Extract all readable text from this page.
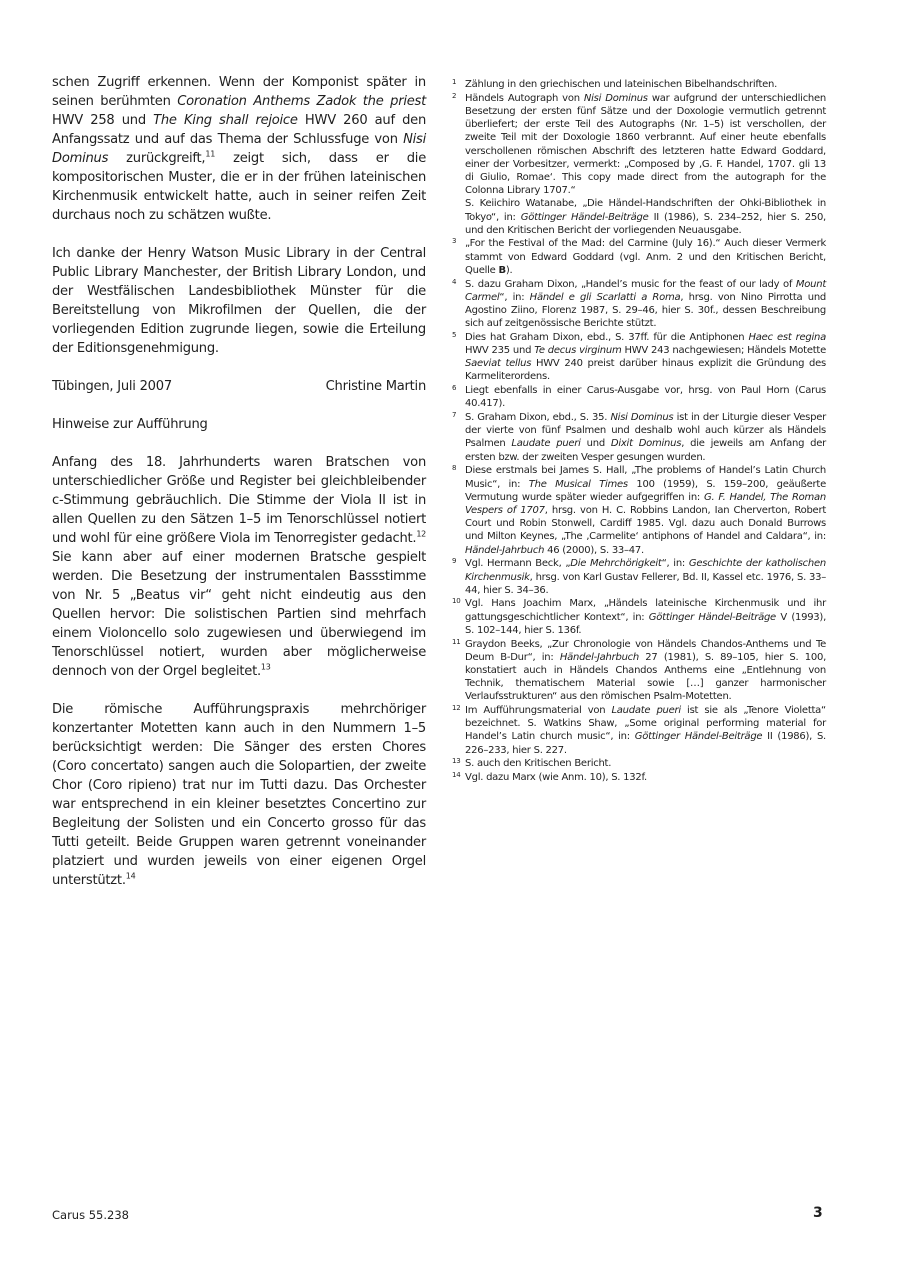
schen Zugriff erkennen. Wenn der Komponist später in seinen berühmten Coronation Anthems Zadok the priest HWV 258 und The King shall rejoice HWV 260 auf den Anfangssatz und auf das Thema der Schlussfuge von Nisi Dominus zurückgreift,$^{11}$ zeigt sich, dass er die kompositorischen Muster, die er in der frühen lateinischen Kirchenmusik entwickelt hatte, auch in seiner reifen Zeit durchaus noch zu schätzen wußte.

Ich danke der Henry Watson Music Library in der Central Public Library Manchester, der British Library London, und der Westfälischen Landesbibliothek Münster für die Bereitstellung von Mikrofilmen der Quellen, die der vorliegenden Edition zugrunde liegen, sowie die Erteilung der Editionsgenehmigung.

Tübingen, Juli 2007	Christine Martin
Hinweise zur Aufführung

Anfang des 18. Jahrhunderts waren Bratschen von unterschiedlicher Größe und Register bei gleichbleibender c-Stimmung gebräuchlich. Die Stimme der Viola II ist in allen Quellen zu den Sätzen 1–5 im Tenorschlüssel notiert und wohl für eine größere Viola im Tenorregister gedacht.$^{12}$ Sie kann aber auf einer modernen Bratsche gespielt werden. Die Besetzung der instrumentalen Bassstimme von Nr. 5 „Beatus vir“ geht nicht eindeutig aus den Quellen hervor: Die solistischen Partien sind mehrfach einem Violoncello solo zugewiesen und überwiegend im Tenorschlüssel notiert, wurden aber möglicherweise dennoch von der Orgel begleitet.$^{13}$

Die römische Aufführungspraxis mehrchöriger konzertanter Motetten kann auch in den Nummern 1–5 berücksichtigt werden: Die Sänger des ersten Chores (Coro concertato) sangen auch die Solopartien, der zweite Chor (Coro ripieno) trat nur im Tutti dazu. Das Orchester war entsprechend in ein kleiner besetztes Concertino zur Begleitung der Solisten und ein Concerto grosso für das Tutti geteilt. Beide Gruppen waren getrennt voneinander platziert und wurden jeweils von einer eigenen Orgel unterstützt.$^{14}$

1 Zählung in den griechischen und lateinischen Bibelhandschriften.
2 Händels Autograph von Nisi Dominus war aufgrund der unterschiedlichen Besetzung der ersten fünf Sätze und der Doxologie vermutlich getrennt überliefert; der erste Teil des Autographs (Nr. 1–5) ist verschollen, der zweite Teil mit der Doxologie 1860 verbrannt. Auf einer heute ebenfalls verschollenen römischen Abschrift des letzteren hatte Edward Goddard, einer der Vorbesitzer, vermerkt: „Composed by ‚G. F. Handel, 1707. gli 13 di Giulio, Romae‘. This copy made direct from the autograph for the Colonna Library 1707.“
S. Keiichiro Watanabe, „Die Händel-Handschriften der Ohki-Bibliothek in Tokyo“, in: Göttinger Händel-Beiträge II (1986), S. 234–252, hier S. 250, und den Kritischen Bericht der vorliegenden Neuausgabe.
3 „For the Festival of the Mad: del Carmine (July 16).“ Auch dieser Vermerk stammt von Edward Goddard (vgl. Anm. 2 und den Kritischen Bericht, Quelle B).
4 S. dazu Graham Dixon, „Handel’s music for the feast of our lady of Mount Carmel“, in: Händel e gli Scarlatti a Roma, hrsg. von Nino Pirrotta und Agostino Ziino, Florenz 1987, S. 29–46, hier S. 30f., dessen Beschreibung sich auf zeitgenössische Berichte stützt.
5 Dies hat Graham Dixon, ebd., S. 37ff. für die Antiphonen Haec est regina HWV 235 und Te decus virginum HWV 243 nachgewiesen; Händels Motette Saeviat tellus HWV 240 preist darüber hinaus explizit die Gründung des Karmeliterordens.
6 Liegt ebenfalls in einer Carus-Ausgabe vor, hrsg. von Paul Horn (Carus 40.417).
7 S. Graham Dixon, ebd., S. 35. Nisi Dominus ist in der Liturgie dieser Vesper der vierte von fünf Psalmen und deshalb wohl auch kürzer als Händels Psalmen Laudate pueri und Dixit Dominus, die jeweils am Anfang der ersten bzw. der zweiten Vesper gesungen wurden.
8 Diese erstmals bei James S. Hall, „The problems of Handel’s Latin Church Music“, in: The Musical Times 100 (1959), S. 159–200, geäußerte Vermutung wurde später wieder aufgegriffen in: G. F. Handel, The Roman Vespers of 1707, hrsg. von H. C. Robbins Landon, Ian Cherverton, Robert Court und Robin Stonwell, Cardiff 1985. Vgl. dazu auch Donald Burrows und Milton Keynes, „The ‚Carmelite‘ antiphons of Handel and Caldara“, in: Händel-Jahrbuch 46 (2000), S. 33–47.
9 Vgl. Hermann Beck, „Die Mehrchörigkeit“, in: Geschichte der katholischen Kirchenmusik, hrsg. von Karl Gustav Fellerer, Bd. II, Kassel etc. 1976, S. 33–44, hier S. 34–36.
10 Vgl. Hans Joachim Marx, „Händels lateinische Kirchenmusik und ihr gattungsgeschichtlicher Kontext“, in: Göttinger Händel-Beiträge V (1993), S. 102–144, hier S. 136f.
11 Graydon Beeks, „Zur Chronologie von Händels Chandos-Anthems und Te Deum B-Dur“, in: Händel-Jahrbuch 27 (1981), S. 89–105, hier S. 100, konstatiert auch in Händels Chandos Anthems eine „Entlehnung von Technik, thematischem Material sowie […] ganzer harmonischer Verlaufsstrukturen“ aus den römischen Psalm-Motetten.
12 Im Aufführungsmaterial von Laudate pueri ist sie als „Tenore Violetta“ bezeichnet. S. Watkins Shaw, „Some original performing material for Handel’s Latin church music“, in: Göttinger Händel-Beiträge II (1986), S. 226–233, hier S. 227.
13 S. auch den Kritischen Bericht.
14 Vgl. dazu Marx (wie Anm. 10), S. 132f.
Carus 55.238	3
